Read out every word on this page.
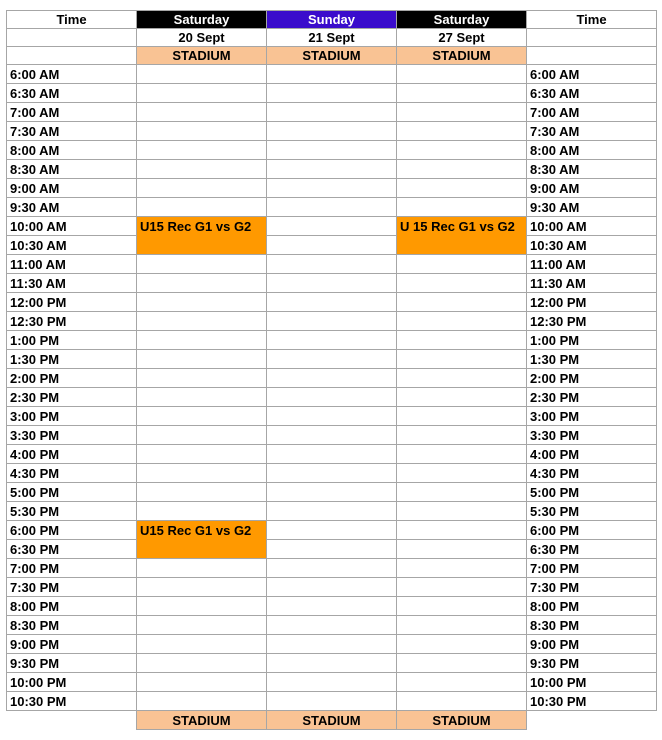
Time	Saturday	Sunday	Saturday	Time
	20 Sept	21 Sept	27 Sept	
	STADIUM	STADIUM	STADIUM	
6:00 AM				6:00 AM
6:30 AM				6:30 AM
7:00 AM				7:00 AM
7:30 AM				7:30 AM
8:00 AM				8:00 AM
8:30 AM				8:30 AM
9:00 AM				9:00 AM
9:30 AM				9:30 AM
10:00 AM	U15 Rec G1 vs G2		U 15 Rec G1 vs G2	10:00 AM
10:30 AM				10:30 AM
11:00 AM				11:00 AM
11:30 AM				11:30 AM
12:00 PM				12:00 PM
12:30 PM				12:30 PM
1:00 PM				1:00 PM
1:30 PM				1:30 PM
2:00 PM				2:00 PM
2:30 PM				2:30 PM
3:00 PM				3:00 PM
3:30 PM				3:30 PM
4:00 PM				4:00 PM
4:30 PM				4:30 PM
5:00 PM				5:00 PM
5:30 PM				5:30 PM
6:00 PM	U15 Rec G1 vs G2			6:00 PM
6:30 PM				6:30 PM
7:00 PM				7:00 PM
7:30 PM				7:30 PM
8:00 PM				8:00 PM
8:30 PM				8:30 PM
9:00 PM				9:00 PM
9:30 PM				9:30 PM
10:00 PM				10:00 PM
10:30 PM				10:30 PM
	STADIUM	STADIUM	STADIUM	
